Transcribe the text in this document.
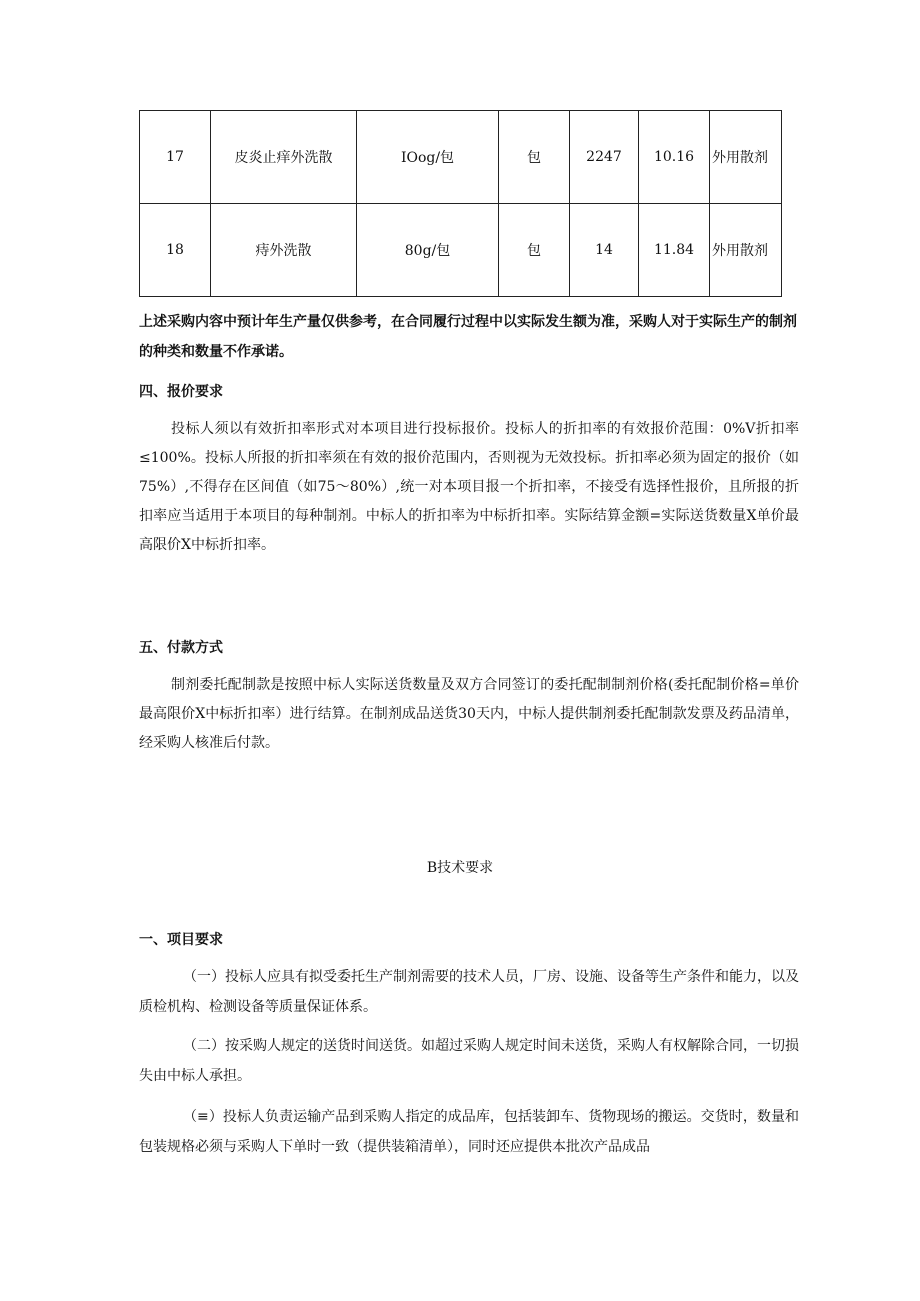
17	皮炎止痒外洗散	IOog/包	包	2247	10.16	外用散剂
18	痔外洗散	80g/包	包	14	11.84	外用散剂

上述采购内容中预计年生产量仅供参考，在合同履行过程中以实际发生额为准，采购人对于实际生产的制剂的种类和数量不作承诺。

四、报价要求

投标人须以有效折扣率形式对本项目进行投标报价。投标人的折扣率的有效报价范围：0%V折扣率≤100%。投标人所报的折扣率须在有效的报价范围内，否则视为无效投标。折扣率必须为固定的报价（如75%）,不得存在区间值（如75～80%）,统一对本项目报一个折扣率，不接受有选择性报价，且所报的折扣率应当适用于本项目的每种制剂。中标人的折扣率为中标折扣率。实际结算金额=实际送货数量X单价最高限价X中标折扣率。

五、付款方式

制剂委托配制款是按照中标人实际送货数量及双方合同签订的委托配制制剂价格(委托配制价格=单价最高限价X中标折扣率）进行结算。在制剂成品送货30天内，中标人提供制剂委托配制款发票及药品清单，经采购人核准后付款。

B技术要求

一、项目要求

（一）投标人应具有拟受委托生产制剂需要的技术人员，厂房、设施、设备等生产条件和能力，以及质检机构、检测设备等质量保证体系。

（二）按采购人规定的送货时间送货。如超过采购人规定时间未送货，采购人有权解除合同，一切损失由中标人承担。

（≡）投标人负责运输产品到采购人指定的成品库，包括装卸车、货物现场的搬运。交货时，数量和包装规格必须与采购人下单时一致（提供装箱清单），同时还应提供本批次产品成品
